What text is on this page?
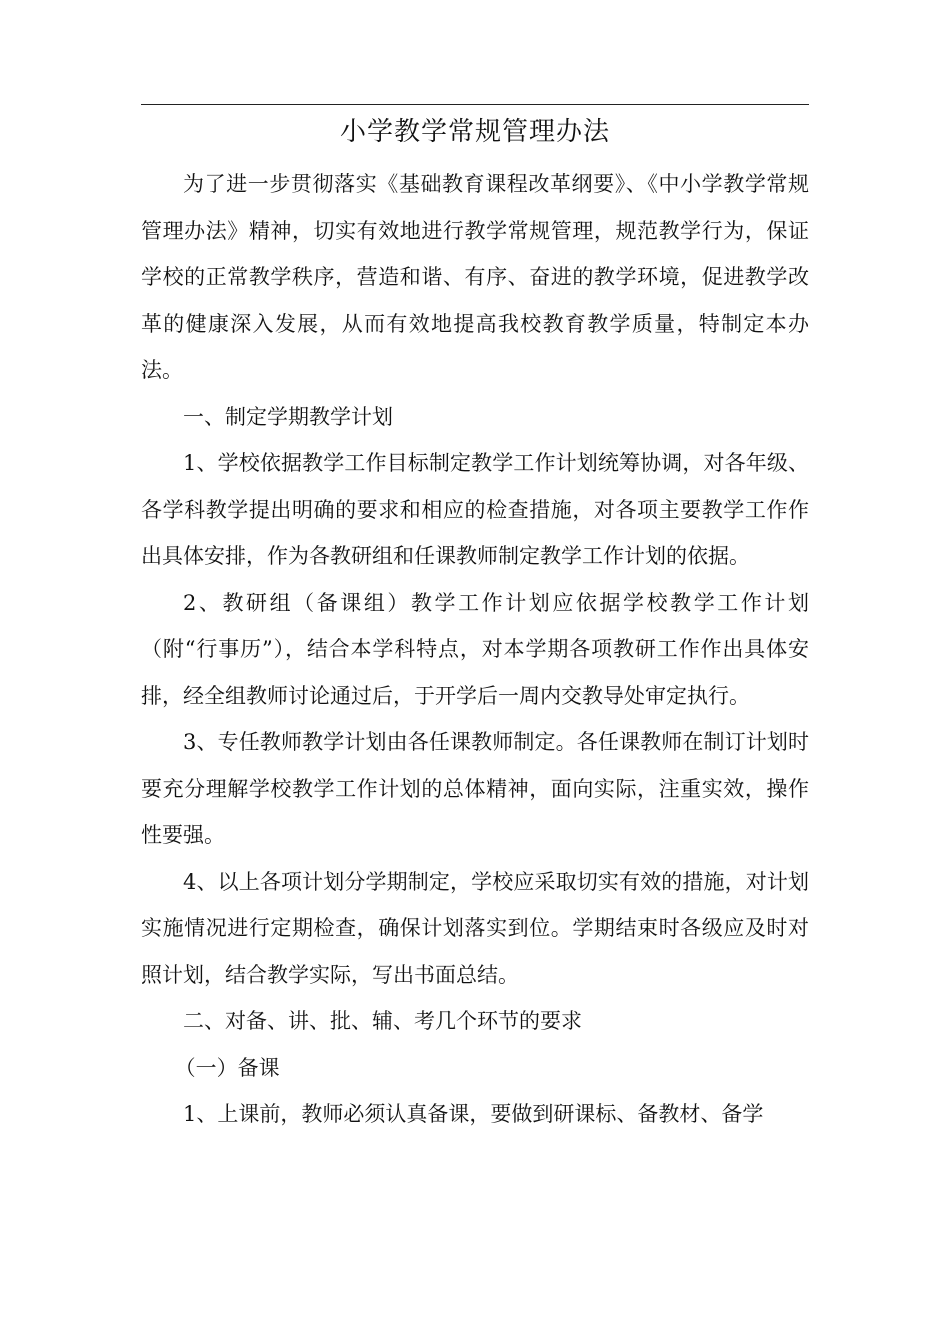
小学教学常规管理办法

为了进一步贯彻落实《基础教育课程改革纲要》、《中小学教学常规管理办法》精神，切实有效地进行教学常规管理，规范教学行为，保证学校的正常教学秩序，营造和谐、有序、奋进的教学环境，促进教学改革的健康深入发展，从而有效地提高我校教育教学质量，特制定本办法。

一、制定学期教学计划

1、学校依据教学工作目标制定教学工作计划统筹协调，对各年级、各学科教学提出明确的要求和相应的检查措施，对各项主要教学工作作出具体安排，作为各教研组和任课教师制定教学工作计划的依据。

2、教研组（备课组）教学工作计划应依据学校教学工作计划（附“行事历”），结合本学科特点，对本学期各项教研工作作出具体安排，经全组教师讨论通过后，于开学后一周内交教导处审定执行。

3、专任教师教学计划由各任课教师制定。各任课教师在制订计划时要充分理解学校教学工作计划的总体精神，面向实际，注重实效，操作性要强。

4、以上各项计划分学期制定，学校应采取切实有效的措施，对计划实施情况进行定期检查，确保计划落实到位。学期结束时各级应及时对照计划，结合教学实际，写出书面总结。

二、对备、讲、批、辅、考几个环节的要求

（一）备课

1、上课前，教师必须认真备课，要做到研课标、备教材、备学
